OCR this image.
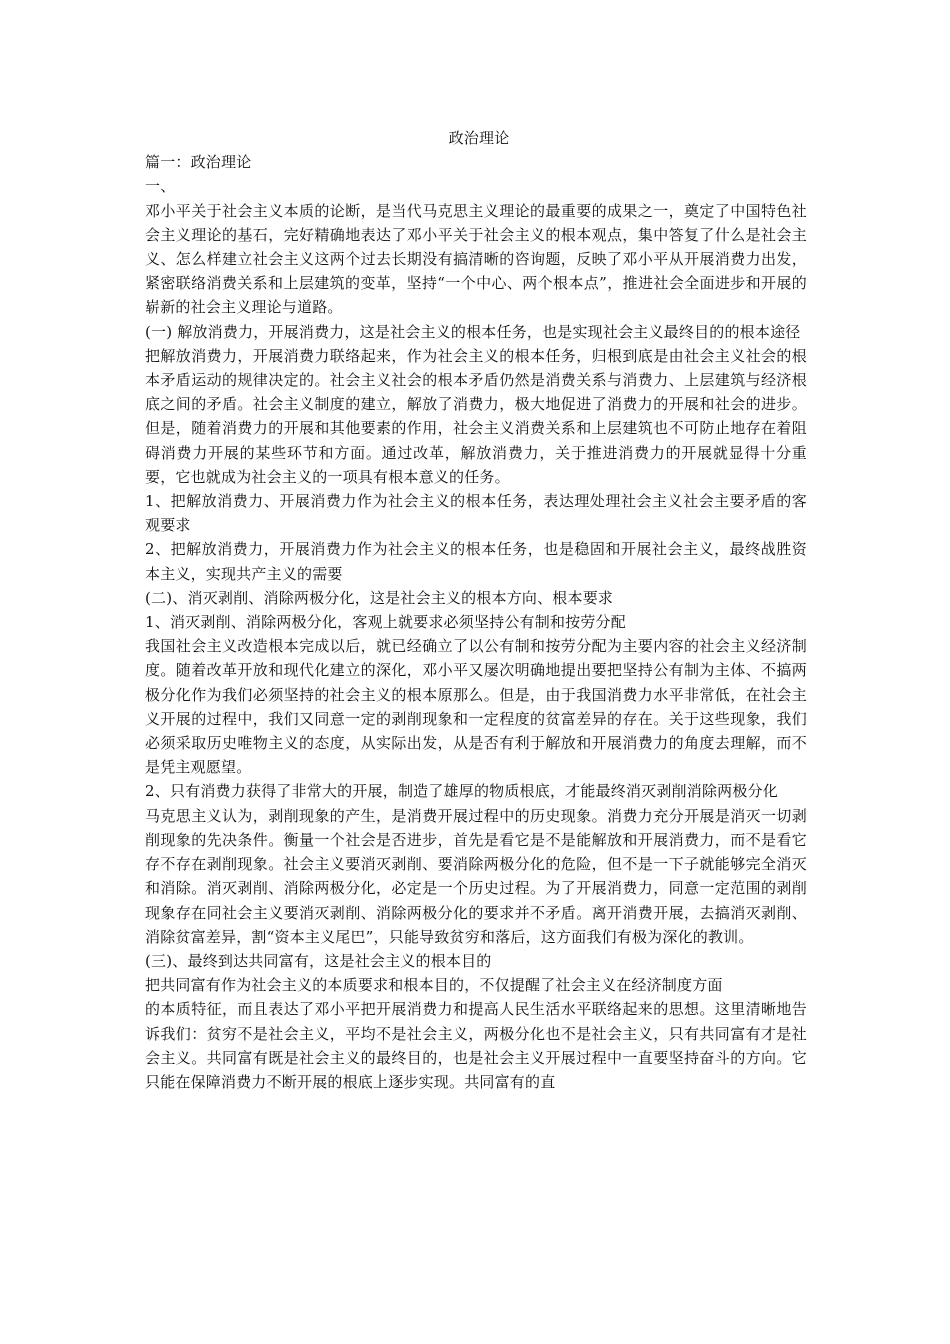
政治理论

篇一：政治理论

一、

邓小平关于社会主义本质的论断，是当代马克思主义理论的最重要的成果之一，奠定了中国特色社会主义理论的基石，完好精确地表达了邓小平关于社会主义的根本观点，集中答复了什么是社会主义、怎么样建立社会主义这两个过去长期没有搞清晰的咨询题，反映了邓小平从开展消费力出发，紧密联络消费关系和上层建筑的变革，坚持“一个中心、两个根本点”，推进社会全面进步和开展的崭新的社会主义理论与道路。

(一) 解放消费力，开展消费力，这是社会主义的根本任务，也是实现社会主义最终目的的根本途径

把解放消费力，开展消费力联络起来，作为社会主义的根本任务，归根到底是由社会主义社会的根本矛盾运动的规律决定的。社会主义社会的根本矛盾仍然是消费关系与消费力、上层建筑与经济根底之间的矛盾。社会主义制度的建立，解放了消费力，极大地促进了消费力的开展和社会的进步。但是，随着消费力的开展和其他要素的作用，社会主义消费关系和上层建筑也不可防止地存在着阻碍消费力开展的某些环节和方面。通过改革，解放消费力，关于推进消费力的开展就显得十分重要，它也就成为社会主义的一项具有根本意义的任务。

1、把解放消费力、开展消费力作为社会主义的根本任务，表达理处理社会主义社会主要矛盾的客观要求

2、把解放消费力，开展消费力作为社会主义的根本任务，也是稳固和开展社会主义，最终战胜资本主义，实现共产主义的需要

(二)、消灭剥削、消除两极分化，这是社会主义的根本方向、根本要求

1、消灭剥削、消除两极分化，客观上就要求必须坚持公有制和按劳分配

我国社会主义改造根本完成以后，就已经确立了以公有制和按劳分配为主要内容的社会主义经济制度。随着改革开放和现代化建立的深化，邓小平又屡次明确地提出要把坚持公有制为主体、不搞两极分化作为我们必须坚持的社会主义的根本原那么。但是，由于我国消费力水平非常低，在社会主义开展的过程中，我们又同意一定的剥削现象和一定程度的贫富差异的存在。关于这些现象，我们必须采取历史唯物主义的态度，从实际出发，从是否有利于解放和开展消费力的角度去理解，而不是凭主观愿望。

2、只有消费力获得了非常大的开展，制造了雄厚的物质根底，才能最终消灭剥削消除两极分化

马克思主义认为，剥削现象的产生，是消费开展过程中的历史现象。消费力充分开展是消灭一切剥削现象的先决条件。衡量一个社会是否进步，首先是看它是不是能解放和开展消费力，而不是看它存不存在剥削现象。社会主义要消灭剥削、要消除两极分化的危险，但不是一下子就能够完全消灭和消除。消灭剥削、消除两极分化，必定是一个历史过程。为了开展消费力，同意一定范围的剥削现象存在同社会主义要消灭剥削、消除两极分化的要求并不矛盾。离开消费开展，去搞消灭剥削、消除贫富差异，割“资本主义尾巴”，只能导致贫穷和落后，这方面我们有极为深化的教训。

(三)、最终到达共同富有，这是社会主义的根本目的

把共同富有作为社会主义的本质要求和根本目的，不仅提醒了社会主义在经济制度方面

的本质特征，而且表达了邓小平把开展消费力和提高人民生活水平联络起来的思想。这里清晰地告诉我们：贫穷不是社会主义，平均不是社会主义，两极分化也不是社会主义，只有共同富有才是社会主义。共同富有既是社会主义的最终目的，也是社会主义开展过程中一直要坚持奋斗的方向。它只能在保障消费力不断开展的根底上逐步实现。共同富有的直
